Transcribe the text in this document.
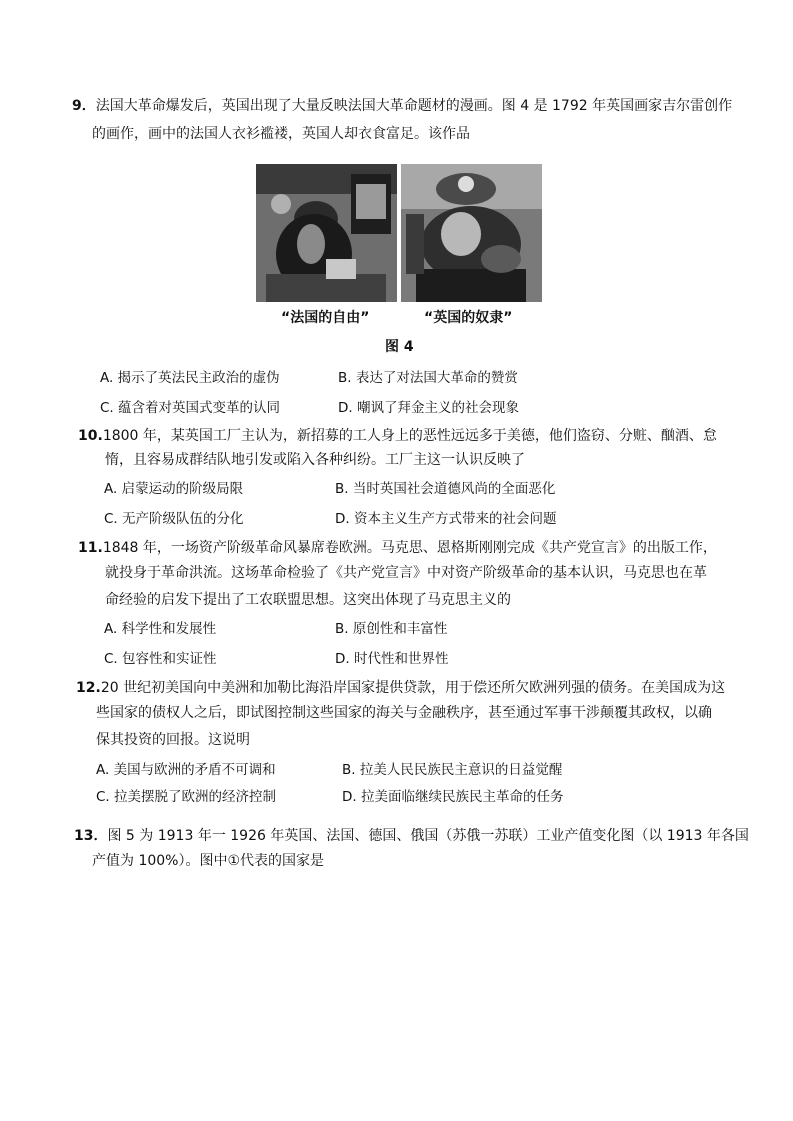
9．法国大革命爆发后，英国出现了大量反映法国大革命题材的漫画。图 4 是 1792 年英国画家吉尔雷创作
的画作，画中的法国人衣衫褴褛，英国人却衣食富足。该作品
“法国的自由”	“英国的奴隶”
图 4
A. 揭示了英法民主政治的虚伪	B. 表达了对法国大革命的赞赏
C. 蕴含着对英国式变革的认同	D. 嘲讽了拜金主义的社会现象
10.1800 年，某英国工厂主认为，新招募的工人身上的恶性远远多于美德，他们盗窃、分赃、酗酒、怠
惰，且容易成群结队地引发或陷入各种纠纷。工厂主这一认识反映了
A. 启蒙运动的阶级局限	B. 当时英国社会道德风尚的全面恶化
C. 无产阶级队伍的分化	D. 资本主义生产方式带来的社会问题
11.1848 年，一场资产阶级革命风暴席卷欧洲。马克思、恩格斯刚刚完成《共产党宣言》的出版工作，
就投身于革命洪流。这场革命检验了《共产党宣言》中对资产阶级革命的基本认识，马克思也在革
命经验的启发下提出了工农联盟思想。这突出体现了马克思主义的
A. 科学性和发展性	B. 原创性和丰富性
C. 包容性和实证性	D. 时代性和世界性
12.20 世纪初美国向中美洲和加勒比海沿岸国家提供贷款，用于偿还所欠欧洲列强的债务。在美国成为这
些国家的债权人之后，即试图控制这些国家的海关与金融秩序，甚至通过军事干涉颠覆其政权，以确
保其投资的回报。这说明
A. 美国与欧洲的矛盾不可调和	B. 拉美人民民族民主意识的日益觉醒
C. 拉美摆脱了欧洲的经济控制	D. 拉美面临继续民族民主革命的任务
13．图 5 为 1913 年一 1926 年英国、法国、德国、俄国（苏俄一苏联）工业产值变化图（以 1913 年各国
产值为 100%）。图中①代表的国家是
